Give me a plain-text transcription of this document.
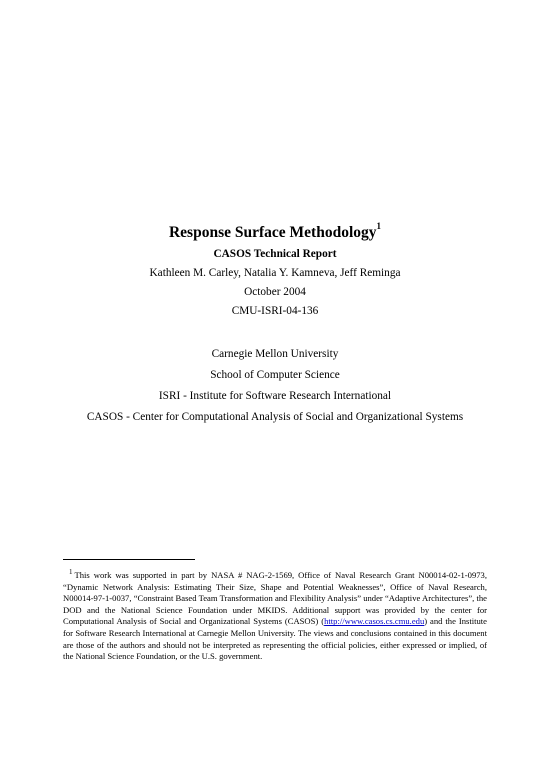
Response Surface Methodology$^1$

CASOS Technical Report

Kathleen M. Carley, Natalia Y. Kamneva, Jeff Reminga

October 2004

CMU-ISRI-04-136

Carnegie Mellon University

School of Computer Science

ISRI - Institute for Software Research International

CASOS - Center for Computational Analysis of Social and Organizational Systems

$^1$ This work was supported in part by NASA # NAG-2-1569, Office of Naval Research Grant N00014-02-1-0973, “Dynamic Network Analysis: Estimating Their Size, Shape and Potential Weaknesses”, Office of Naval Research, N00014-97-1-0037, “Constraint Based Team Transformation and Flexibility Analysis” under “Adaptive Architectures”, the DOD and the National Science Foundation under MKIDS. Additional support was provided by the center for Computational Analysis of Social and Organizational Systems (CASOS) (http://www.casos.cs.cmu.edu) and the Institute for Software Research International at Carnegie Mellon University. The views and conclusions contained in this document are those of the authors and should not be interpreted as representing the official policies, either expressed or implied, of the National Science Foundation, or the U.S. government.
